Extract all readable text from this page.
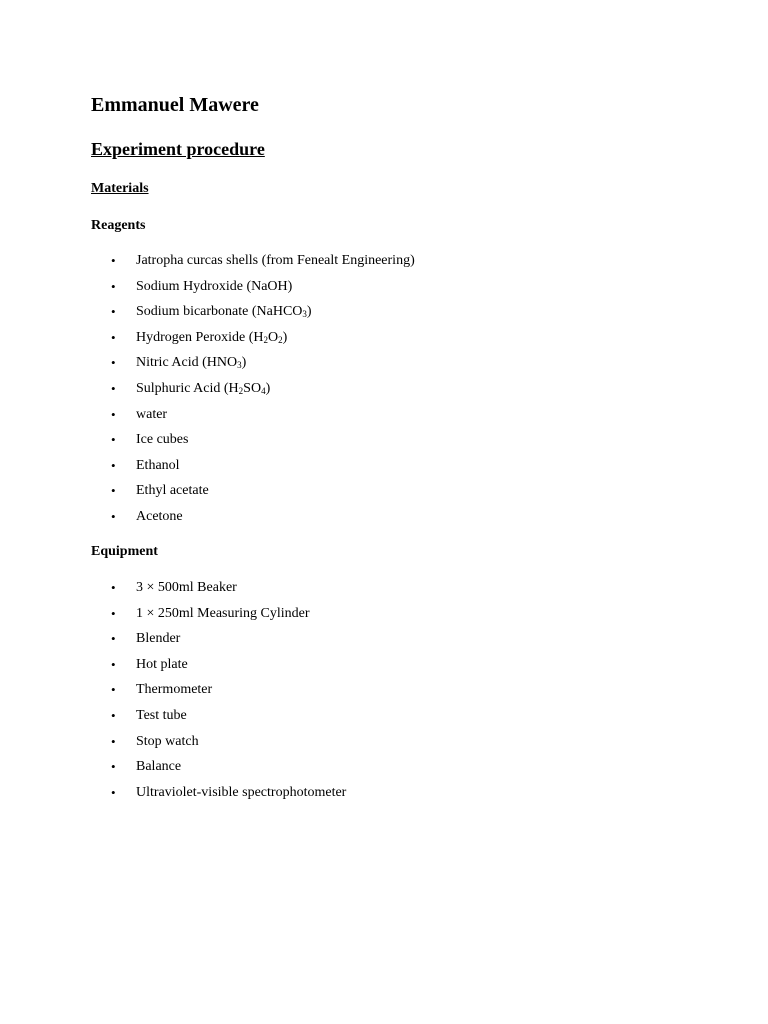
Emmanuel Mawere
Experiment procedure
Materials
Reagents
• Jatropha curcas shells (from Fenealt Engineering)
• Sodium Hydroxide (NaOH)
• Sodium bicarbonate (NaHCO$_3$)
• Hydrogen Peroxide $(H_2O_2)$
• Nitric Acid $(HNO_3)$
• Sulphuric Acid $(H_2SO_4)$
• water
• Ice cubes
• Ethanol
• Ethyl acetate
• Acetone
Equipment
• 3 × 500ml Beaker
• 1 × 250ml Measuring Cylinder
• Blender
• Hot plate
• Thermometer
• Test tube
• Stop watch
• Balance
• Ultraviolet-visible spectrophotometer
